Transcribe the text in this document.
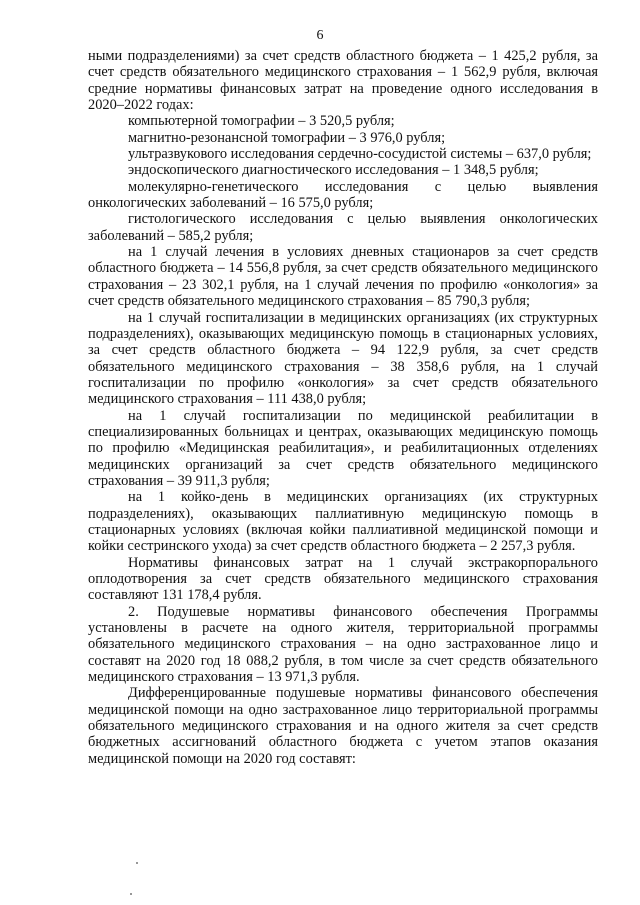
6

ными подразделениями) за счет средств областного бюджета – 1 425,2 рубля, за счет средств обязательного медицинского страхования – 1 562,9 рубля, включая средние нормативы финансовых затрат на проведение одного исследования в 2020–2022 годах:

компьютерной томографии – 3 520,5 рубля;

магнитно-резонансной томографии – 3 976,0 рубля;

ультразвукового исследования сердечно-сосудистой системы – 637,0 рубля;

эндоскопического диагностического исследования – 1 348,5 рубля;

молекулярно-генетического исследования с целью выявления онкологических заболеваний – 16 575,0 рубля;

гистологического исследования с целью выявления онкологических заболеваний – 585,2 рубля;

на 1 случай лечения в условиях дневных стационаров за счет средств областного бюджета – 14 556,8 рубля, за счет средств обязательного медицинского страхования – 23 302,1 рубля, на 1 случай лечения по профилю «онкология» за счет средств обязательного медицинского страхования – 85 790,3 рубля;

на 1 случай госпитализации в медицинских организациях (их структурных подразделениях), оказывающих медицинскую помощь в стационарных условиях, за счет средств областного бюджета – 94 122,9 рубля, за счет средств обязательного медицинского страхования – 38 358,6 рубля, на 1 случай госпитализации по профилю «онкология» за счет средств обязательного медицинского страхования – 111 438,0 рубля;

на 1 случай госпитализации по медицинской реабилитации в специализированных больницах и центрах, оказывающих медицинскую помощь по профилю «Медицинская реабилитация», и реабилитационных отделениях медицинских организаций за счет средств обязательного медицинского страхования – 39 911,3 рубля;

на 1 койко-день в медицинских организациях (их структурных подразделениях), оказывающих паллиативную медицинскую помощь в стационарных условиях (включая койки паллиативной медицинской помощи и койки сестринского ухода) за счет средств областного бюджета – 2 257,3 рубля.

Нормативы финансовых затрат на 1 случай экстракорпорального оплодотворения за счет средств обязательного медицинского страхования составляют 131 178,4 рубля.

2. Подушевые нормативы финансового обеспечения Программы установлены в расчете на одного жителя, территориальной программы обязательного медицинского страхования – на одно застрахованное лицо и составят на 2020 год 18 088,2 рубля, в том числе за счет средств обязательного медицинского страхования – 13 971,3 рубля.

Дифференцированные подушевые нормативы финансового обеспечения медицинской помощи на одно застрахованное лицо территориальной программы обязательного медицинского страхования и на одного жителя за счет средств бюджетных ассигнований областного бюджета с учетом этапов оказания медицинской помощи на 2020 год составят:
